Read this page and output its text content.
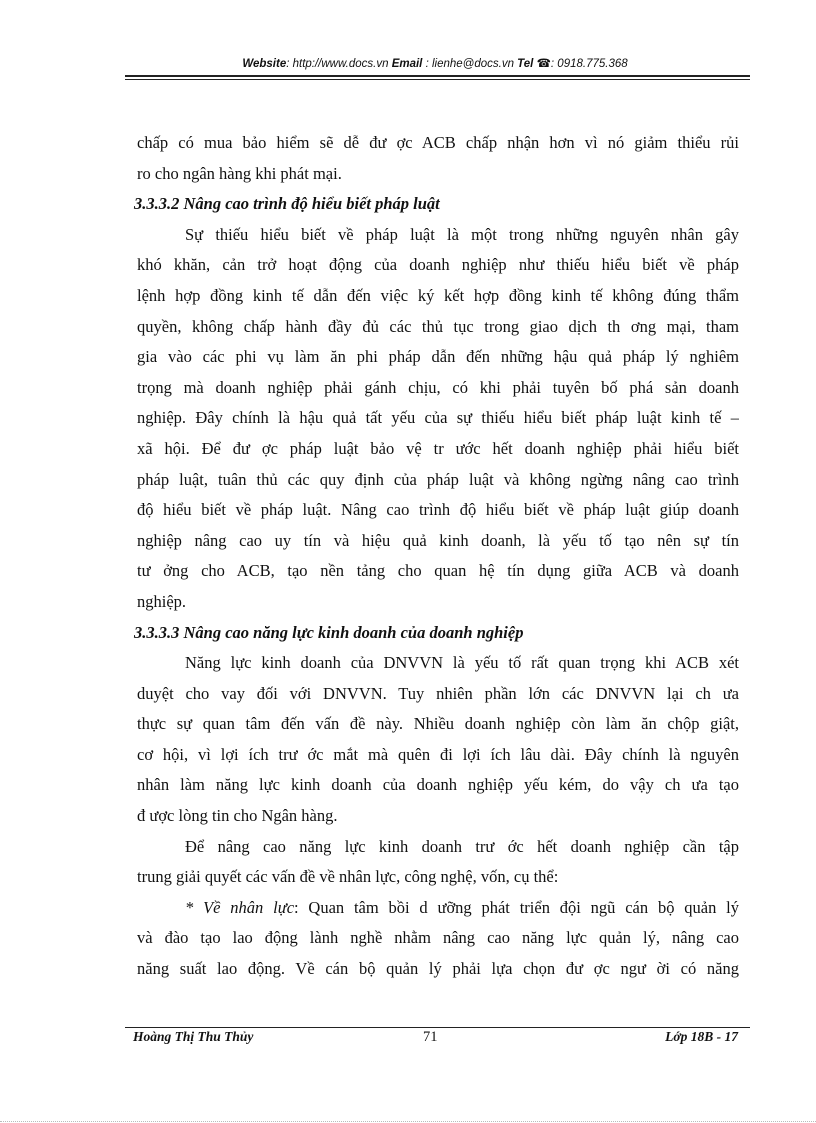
Website: http://www.docs.vn Email : lienhe@docs.vn Tel ☎: 0918.775.368
chấp có mua bảo hiểm sẽ dễ đư ợc ACB chấp nhận hơn vì nó giảm thiểu rủi
ro cho ngân hàng khi phát mại.
3.3.3.2 Nâng cao trình độ hiểu biết pháp luật
Sự thiếu hiểu biết về pháp luật là một trong những nguyên nhân gây
khó khăn, cản trở hoạt động của doanh nghiệp như thiếu hiểu biết về pháp
lệnh hợp đồng kinh tế dẫn đến việc ký kết hợp đồng kinh tế không đúng thẩm
quyền, không chấp hành đầy đủ các thủ tục trong giao dịch th ơng mại, tham
gia vào các phi vụ làm ăn phi pháp dẫn đến những hậu quả pháp lý nghiêm
trọng mà doanh nghiệp phải gánh chịu, có khi phải tuyên bố phá sản doanh
nghiệp. Đây chính là hậu quả tất yếu của sự thiếu hiểu biết pháp luật kinh tế –
xã hội. Để đư ợc pháp luật bảo vệ tr ước hết doanh nghiệp phải hiểu biết
pháp luật, tuân thủ các quy định của pháp luật và không ngừng nâng cao trình
độ hiểu biết về pháp luật. Nâng cao trình độ hiểu biết về pháp luật giúp doanh
nghiệp nâng cao uy tín và hiệu quả kinh doanh, là yếu tố tạo nên sự tín
tư ởng cho ACB, tạo nền tảng cho quan hệ tín dụng giữa ACB và doanh
nghiệp.
3.3.3.3 Nâng cao năng lực kinh doanh của doanh nghiệp
Năng lực kinh doanh của DNVVN là yếu tố rất quan trọng khi ACB xét
duyệt cho vay đối với DNVVN. Tuy nhiên phần lớn các DNVVN lại ch ưa
thực sự quan tâm đến vấn đề này. Nhiều doanh nghiệp còn làm ăn chộp giật,
cơ hội, vì lợi ích trư ớc mắt mà quên đi lợi ích lâu dài. Đây chính là nguyên
nhân làm năng lực kinh doanh của doanh nghiệp yếu kém, do vậy ch ưa tạo
đ ược lòng tin cho Ngân hàng.
Để nâng cao năng lực kinh doanh trư ớc hết doanh nghiệp cần tập
trung giải quyết các vấn đề về nhân lực, công nghệ, vốn, cụ thể:
* Về nhân lực: Quan tâm bồi d ưỡng phát triển đội ngũ cán bộ quản lý
và đào tạo lao động lành nghề nhằm nâng cao năng lực quản lý, nâng cao
năng suất lao động. Về cán bộ quản lý phải lựa chọn đư ợc ngư ời có năng
Hoàng Thị Thu Thủy	71	Lớp 18B - 17
